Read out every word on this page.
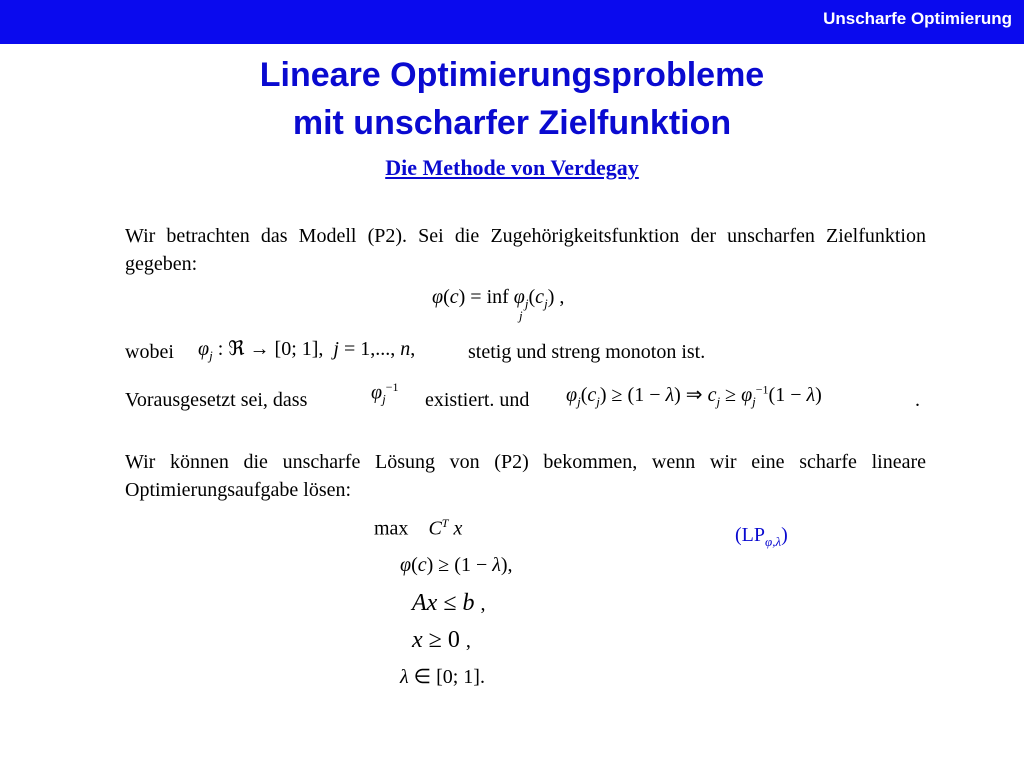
Unscharfe Optimierung
Lineare Optimierungsprobleme
mit unscharfer Zielfunktion
Die Methode von Verdegay
Wir betrachten das Modell (P2). Sei die Zugehörigkeitsfunktion der unscharfen Zielfunktion gegeben:
φ(c) = inf $\varphi_j(c_j)$ ,
j
wobei $\varphi_j$ : ℜ → [0; 1],  j = 1,..., n,	stetig und streng monoton ist.
Vorausgesetzt sei, dass	$\varphi_j^{-1}$
existiert. und $\varphi_j(c_j) \ge (1 - \lambda)$ ⇒ $c_j \ge \varphi_j^{-1}(1 - \lambda)$	.
Wir können die unscharfe Lösung von (P2) bekommen, wenn wir eine scharfe lineare Optimierungsaufgabe lösen:
max    $C^T$ x	$(LP_{\varphi,\lambda})$
φ(c) ≥ (1 − λ),
Ax ≤ b ,
x ≥ 0 ,
λ ∈ [0; 1].
